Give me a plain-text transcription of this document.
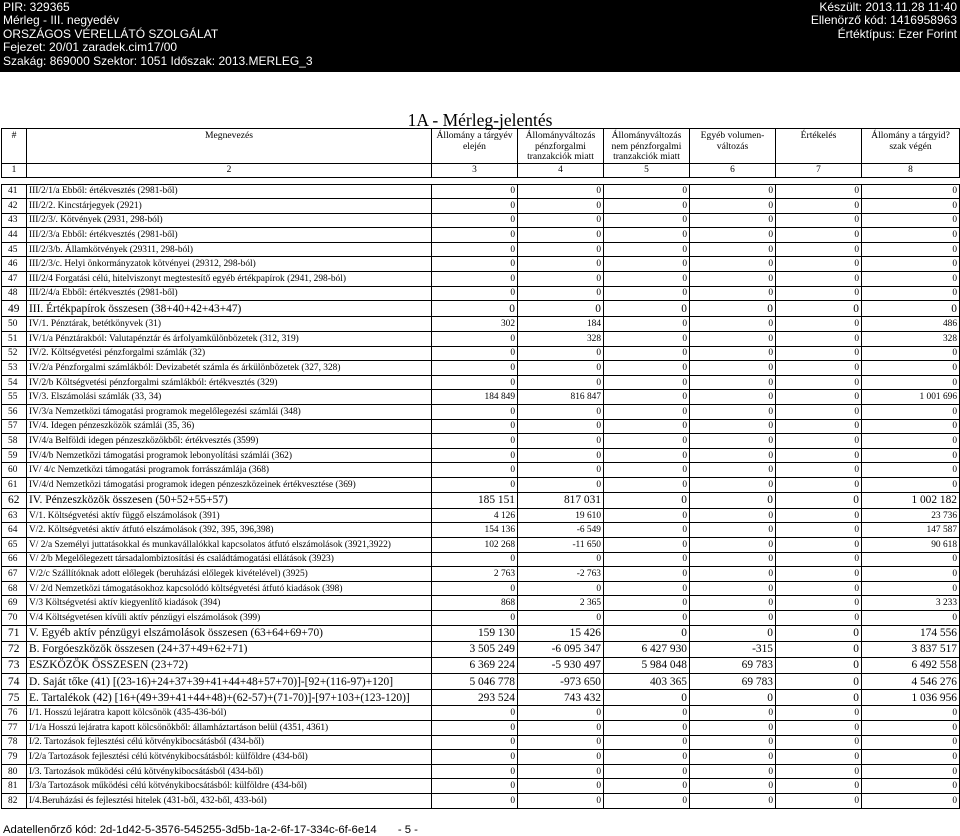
PIR: 329365
Mérleg - III. negyedév
ORSZÁGOS VÉRELLÁTÓ SZOLGÁLAT
Fejezet: 20/01 zaradek.cim17/00
Szakág: 869000 Szektor: 1051 Időszak: 2013.MERLEG_3
Készült: 2013.11.28 11:40
Ellenörző kód: 1416958963
Értéktípus: Ezer Forint
1A - Mérleg-jelentés
#	Megnevezés	Állomány a tárgyév elején	Állományváltozás pénzforgalmi tranzakciók miatt	Állományváltozás nem pénzforgalmi tranzakciók miatt	Egyéb volumen-változás	Értékelés	Állomány a tárgyid?szak végén
1	2	3	4	5	6	7	8

41	III/2/1/a Ebből: értékvesztés (2981-ből)	0	0	0	0	0	0
42	III/2/2. Kincstárjegyek (2921)	0	0	0	0	0	0
43	III/2/3/. Kötvények (2931, 298-ból)	0	0	0	0	0	0
44	III/2/3/a Ebből: értékvesztés (2981-ből)	0	0	0	0	0	0
45	III/2/3/b. Államkötvények (29311, 298-ból)	0	0	0	0	0	0
46	III/2/3/c. Helyi önkormányzatok kötvényei (29312, 298-ból)	0	0	0	0	0	0
47	III/2/4 Forgatási célú, hitelviszonyt megtestesítő egyéb értékpapírok (2941, 298-ból)	0	0	0	0	0	0
48	III/2/4/a Ebből: értékvesztés (2981-ből)	0	0	0	0	0	0
49	III. Értékpapírok összesen (38+40+42+43+47)	0	0	0	0	0	0
50	IV/1. Pénztárak, betétkönyvek (31)	302	184	0	0	0	486
51	IV/1/a Pénztárakból: Valutapénztár és árfolyamkülönbözetek (312, 319)	0	328	0	0	0	328
52	IV/2. Költségvetési pénzforgalmi számlák (32)	0	0	0	0	0	0
53	IV/2/a Pénzforgalmi számlákból: Devizabetét számla és árkülönbözetek (327, 328)	0	0	0	0	0	0
54	IV/2/b Költségvetési pénzforgalmi számlákból: értékvesztés (329)	0	0	0	0	0	0
55	IV/3. Elszámolási számlák (33, 34)	184 849	816 847	0	0	0	1 001 696
56	IV/3/a Nemzetközi támogatási programok megelőlegezési számlái (348)	0	0	0	0	0	0
57	IV/4. Idegen pénzeszközök számlái (35, 36)	0	0	0	0	0	0
58	IV/4/a Belföldi idegen pénzeszközökből: értékvesztés (3599)	0	0	0	0	0	0
59	IV/4/b Nemzetközi támogatási programok lebonyolítási számlái (362)	0	0	0	0	0	0
60	IV/ 4/c Nemzetközi támogatási programok forrásszámlája (368)	0	0	0	0	0	0
61	IV/4/d Nemzetközi támogatási programok idegen pénzeszközeinek értékvesztése (369)	0	0	0	0	0	0
62	IV. Pénzeszközök összesen (50+52+55+57)	185 151	817 031	0	0	0	1 002 182
63	V/1. Költségvetési aktív függő elszámolások (391)	4 126	19 610	0	0	0	23 736
64	V/2. Költségvetési aktív átfutó elszámolások (392, 395, 396,398)	154 136	-6 549	0	0	0	147 587
65	V/ 2/a Személyi juttatásokkal és munkavállalókkal kapcsolatos átfutó elszámolások (3921,3922)	102 268	-11 650	0	0	0	90 618
66	V/ 2/b Megelőlegezett társadalombiztosítási és családtámogatási ellátások (3923)	0	0	0	0	0	0
67	V/2/c Szállítóknak adott előlegek (beruházási előlegek kivételével) (3925)	2 763	-2 763	0	0	0	0
68	V/ 2/d Nemzetközi támogatásokhoz kapcsolódó költségvetési átfutó kiadások (398)	0	0	0	0	0	0
69	V/3 Költségvetési aktív kiegyenlítő kiadások (394)	868	2 365	0	0	0	3 233
70	V/4 Költségvetésen kívüli aktív pénzügyi elszámolások (399)	0	0	0	0	0	0
71	V. Egyéb aktív pénzügyi elszámolások összesen (63+64+69+70)	159 130	15 426	0	0	0	174 556
72	B. Forgóeszközök összesen (24+37+49+62+71)	3 505 249	-6 095 347	6 427 930	-315	0	3 837 517
73	ESZKÖZÖK ÖSSZESEN (23+72)	6 369 224	-5 930 497	5 984 048	69 783	0	6 492 558
74	D. Saját tőke (41) [(23-16)+24+37+39+41+44+48+57+70)]-[92+(116-97)+120]	5 046 778	-973 650	403 365	69 783	0	4 546 276
75	E. Tartalékok (42) [16+(49+39+41+44+48)+(62-57)+(71-70)]-[97+103+(123-120)]	293 524	743 432	0	0	0	1 036 956
76	I/1. Hosszú lejáratra kapott kölcsönök (435-436-ból)	0	0	0	0	0	0
77	I/1/a Hosszú lejáratra kapott kölcsönökből: államháztartáson belül (4351, 4361)	0	0	0	0	0	0
78	I/2. Tartozások fejlesztési célú kötvénykibocsátásból (434-ből)	0	0	0	0	0	0
79	I/2/a Tartozások fejlesztési célú kötvénykibocsátásból: külföldre (434-ből)	0	0	0	0	0	0
80	I/3. Tartozások működési célú kötvénykibocsátásból (434-ből)	0	0	0	0	0	0
81	I/3/a Tartozások működési célú kötvénykibocsátásból: külföldre (434-ből)	0	0	0	0	0	0
82	I/4.Beruházási és fejlesztési hitelek (431-ből, 432-ből, 433-ból)	0	0	0	0	0	0
Adatellenőrző kód: 2d-1d42-5-3576-545255-3d5b-1a-2-6f-17-334c-6f-6e14 - 5 -
